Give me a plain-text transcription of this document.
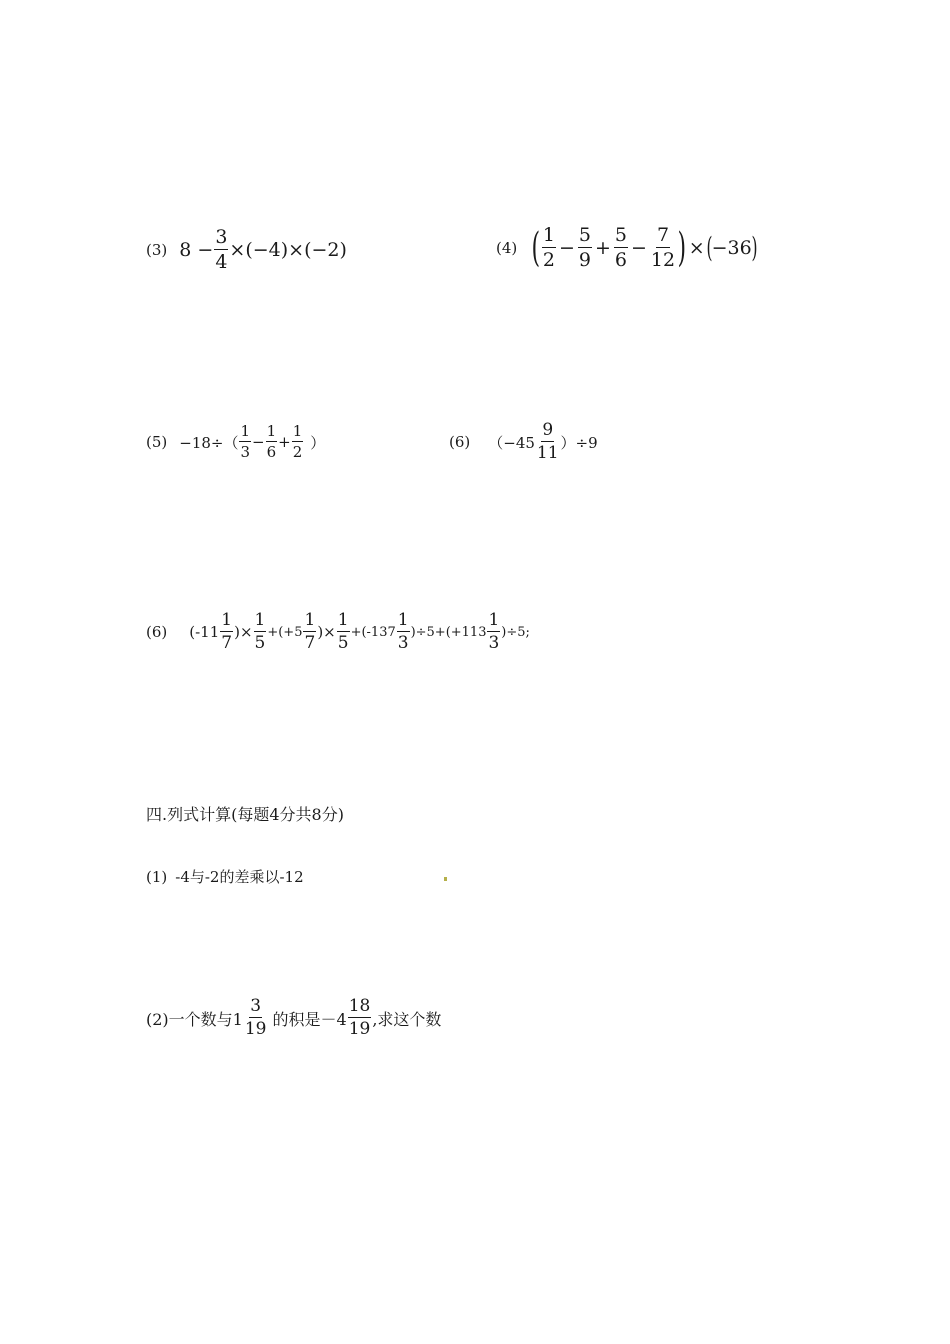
(3) $8 - \frac{3}{4} \times(-4)\times(-2)$	(4) ( $\frac{1}{2} - \frac{5}{9} + \frac{5}{6} - \frac{7}{12}$ ) × ( −36 )
$(5) -18\div( \frac{1}{3} - \frac{1}{6} + \frac{1}{2}$ ）	(6) $(-45 \frac{9}{11} )\div 9$
(6) ($-11 \frac{1}{7}$ )× $\frac{1}{5} +(+5 \frac{1}{7}$ )× $\frac{1}{5} +(-137 \frac{1}{3} )\div 5+(+113 \frac{1}{3} )\div 5$;
四.列式计算(每题4分共8分)
(1) -4与-2的差乘以-12
(2)一个数与$1 \frac{3}{19}$ 的积是$-4 \frac{18}{19}$ ,求这个数
